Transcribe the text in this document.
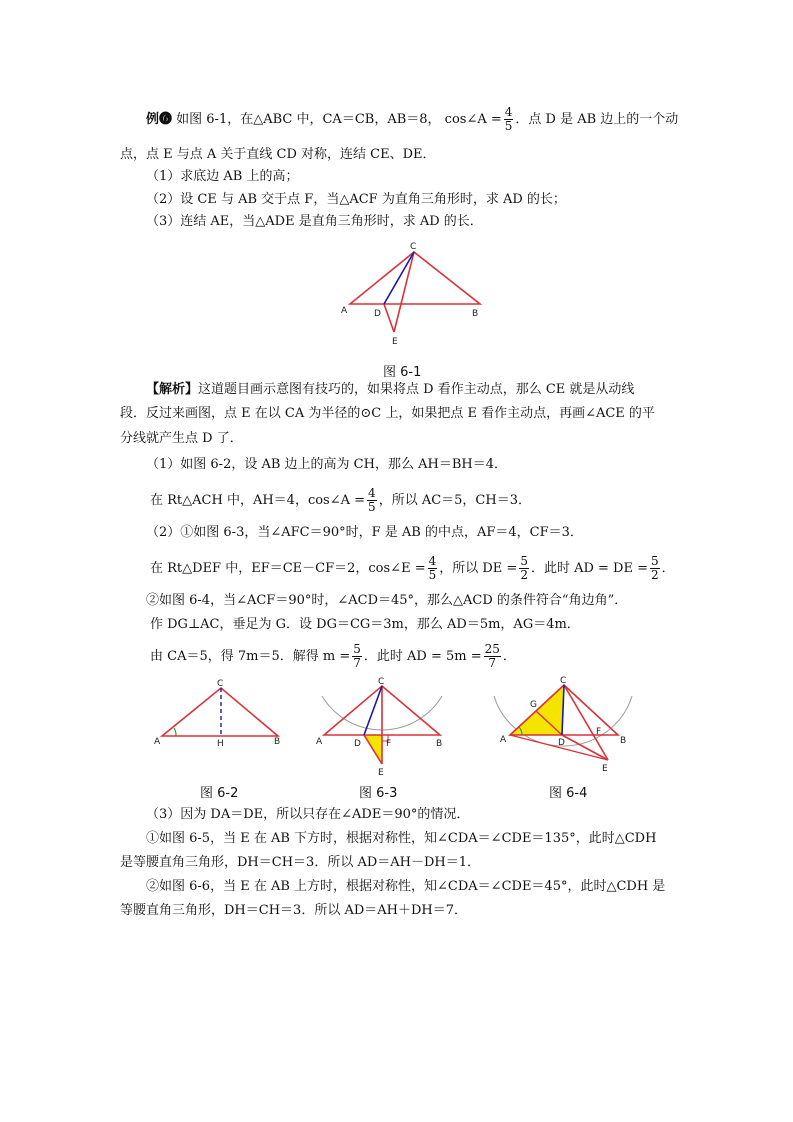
例❻ 如图 6-1，在△ABC 中，CA＝CB，AB＝8， cos∠A = $\frac{4}{5}$ ．点 D 是 AB 边上的一个动
点，点 E 与点 A 关于直线 CD 对称，连结 CE、DE．
（1）求底边 AB 上的高；
（2）设 CE 与 AB 交于点 F，当△ACF 为直角三角形时，求 AD 的长；
（3）连结 AE，当△ADE 是直角三角形时，求 AD 的长．
C
A	D	B
E
图 6-1
【解析】这道题目画示意图有技巧的，如果将点 D 看作主动点，那么 CE 就是从动线
段．反过来画图，点 E 在以 CA 为半径的⊙C 上，如果把点 E 看作主动点，再画∠ACE 的平
分线就产生点 D 了．
（1）如图 6-2，设 AB 边上的高为 CH，那么 AH＝BH＝4．
在 Rt△ACH 中，AH＝4，cos∠A = $\frac{4}{5}$ ，所以 AC＝5，CH＝3．
（2）①如图 6-3，当∠AFC＝90°时，F 是 AB 的中点，AF＝4，CF＝3．
在 Rt△DEF 中，EF＝CE－CF＝2，cos∠E = $\frac{4}{5}$ ，所以 DE = $\frac{5}{2}$ ．此时 AD = DE = $\frac{5}{2}$ ．
②如图 6-4，当∠ACF＝90°时，∠ACD＝45°，那么△ACD 的条件符合“角边角”．
作 DG⊥AC，垂足为 G．设 DG＝CG＝3m，那么 AD＝5m，AG＝4m．
由 CA＝5，得 7m＝5．解得 $m = \frac{5}{7}$ ．此时 AD = $5m = \frac{25}{7}$ ．
C
A	H	B
图 6-2
C
A	D	F	B
E
图 6-3
C
G
A	D
F
B
E
图 6-4
（3）因为 DA＝DE，所以只存在∠ADE＝90°的情况．
①如图 6-5，当 E 在 AB 下方时，根据对称性，知∠CDA＝∠CDE＝135°，此时△CDH
是等腰直角三角形，DH＝CH＝3．所以 AD＝AH－DH＝1．
②如图 6-6，当 E 在 AB 上方时，根据对称性，知∠CDA＝∠CDE＝45°，此时△CDH 是
等腰直角三角形，DH＝CH＝3．所以 AD＝AH＋DH＝7．
